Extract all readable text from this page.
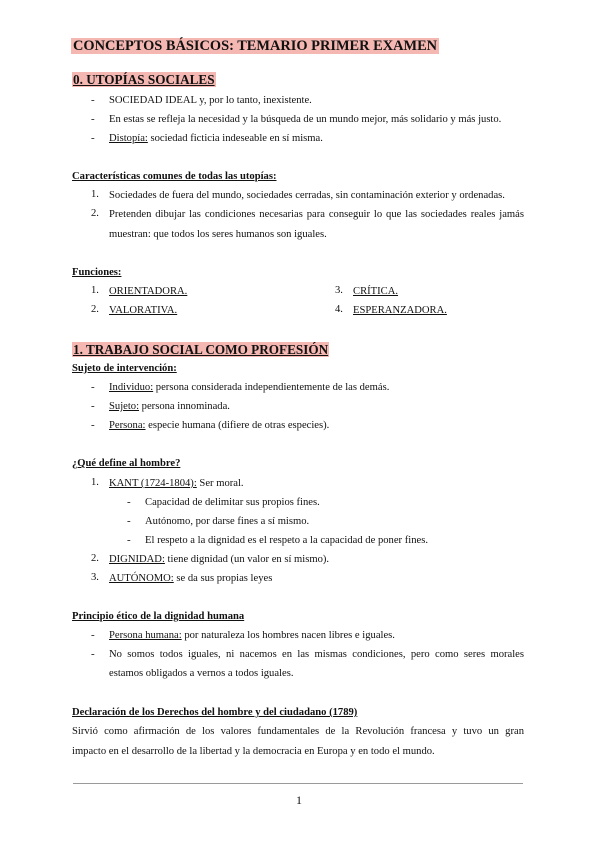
CONCEPTOS BÁSICOS: TEMARIO PRIMER EXAMEN
0. UTOPÍAS SOCIALES
- SOCIEDAD IDEAL y, por lo tanto, inexistente.
- En estas se refleja la necesidad y la búsqueda de un mundo mejor, más solidario y más justo.
- Distopía: sociedad ficticia indeseable en sí misma.
Características comunes de todas las utopías:
1. Sociedades de fuera del mundo, sociedades cerradas, sin contaminación exterior y ordenadas.
2. Pretenden dibujar las condiciones necesarias para conseguir lo que las sociedades reales jamás
muestran: que todos los seres humanos son iguales.
Funciones:
1. ORIENTADORA.
2. VALORATIVA.
3. CRÍTICA.
4. ESPERANZADORA.
1. TRABAJO SOCIAL COMO PROFESIÓN
Sujeto de intervención:
- Individuo: persona considerada independientemente de las demás.
- Sujeto: persona innominada.
- Persona: especie humana (difiere de otras especies).
¿Qué define al hombre?
1. KANT (1724-1804): Ser moral.
- Capacidad de delimitar sus propios fines.
- Autónomo, por darse fines a sí mismo.
- El respeto a la dignidad es el respeto a la capacidad de poner fines.
2. DIGNIDAD: tiene dignidad (un valor en sí mismo).
3. AUTÓNOMO: se da sus propias leyes
Principio ético de la dignidad humana
- Persona humana: por naturaleza los hombres nacen libres e iguales.
- No somos todos iguales, ni nacemos en las mismas condiciones, pero como seres morales
estamos obligados a vernos a todos iguales.
Declaración de los Derechos del hombre y del ciudadano (1789)
Sirvió como afirmación de los valores fundamentales de la Revolución francesa y tuvo un gran
impacto en el desarrollo de la libertad y la democracia en Europa y en todo el mundo.
1
